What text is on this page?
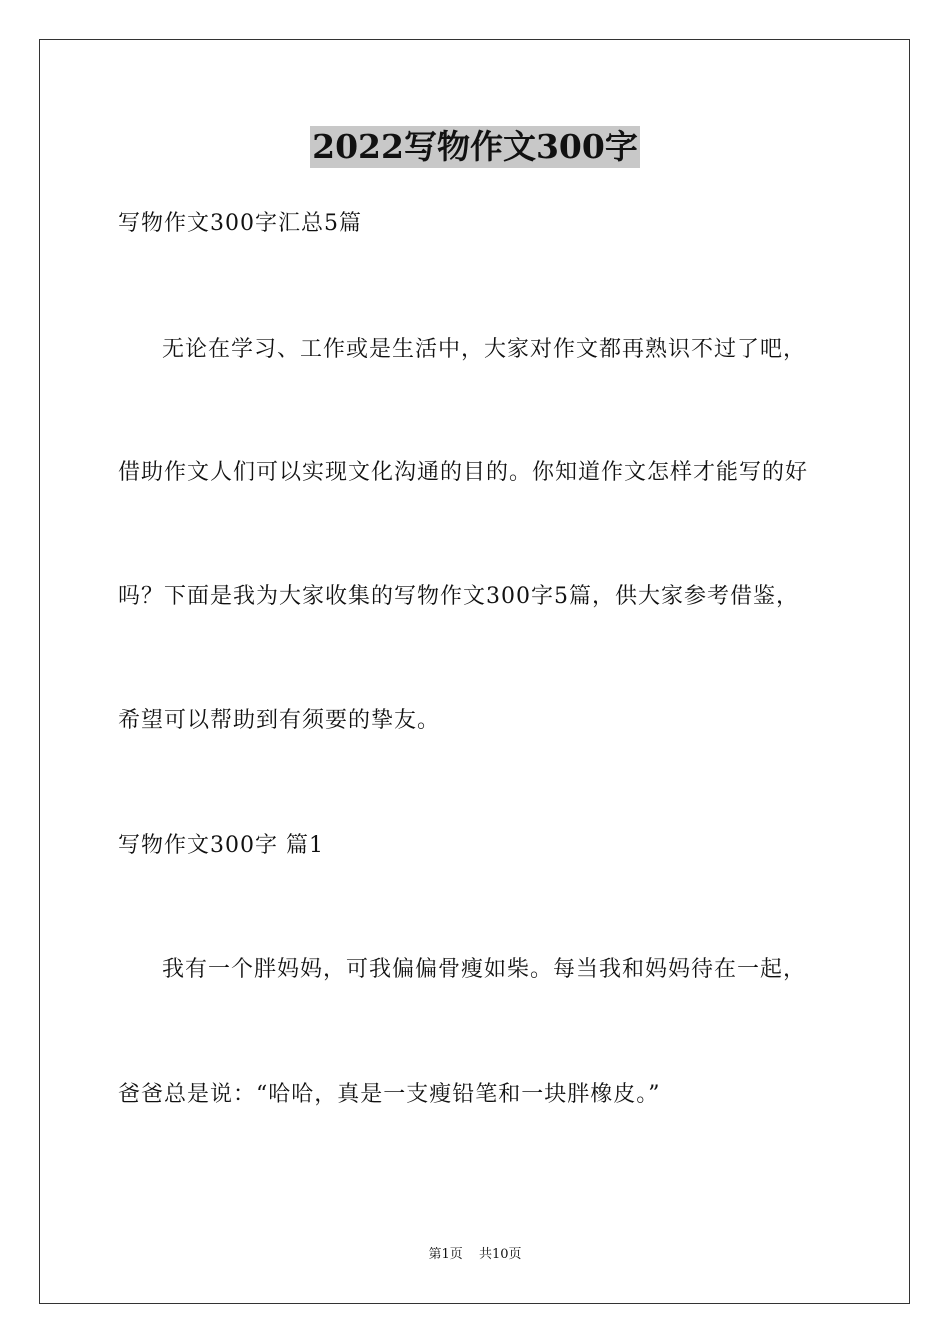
2022写物作文300字
写物作文300字汇总5篇
无论在学习、工作或是生活中，大家对作文都再熟识不过了吧，
借助作文人们可以实现文化沟通的目的。你知道作文怎样才能写的好
吗？下面是我为大家收集的写物作文300字5篇，供大家参考借鉴，
希望可以帮助到有须要的挚友。
写物作文300字 篇1
我有一个胖妈妈，可我偏偏骨瘦如柴。每当我和妈妈待在一起，
爸爸总是说：“哈哈，真是一支瘦铅笔和一块胖橡皮。”
第1页 共10页
